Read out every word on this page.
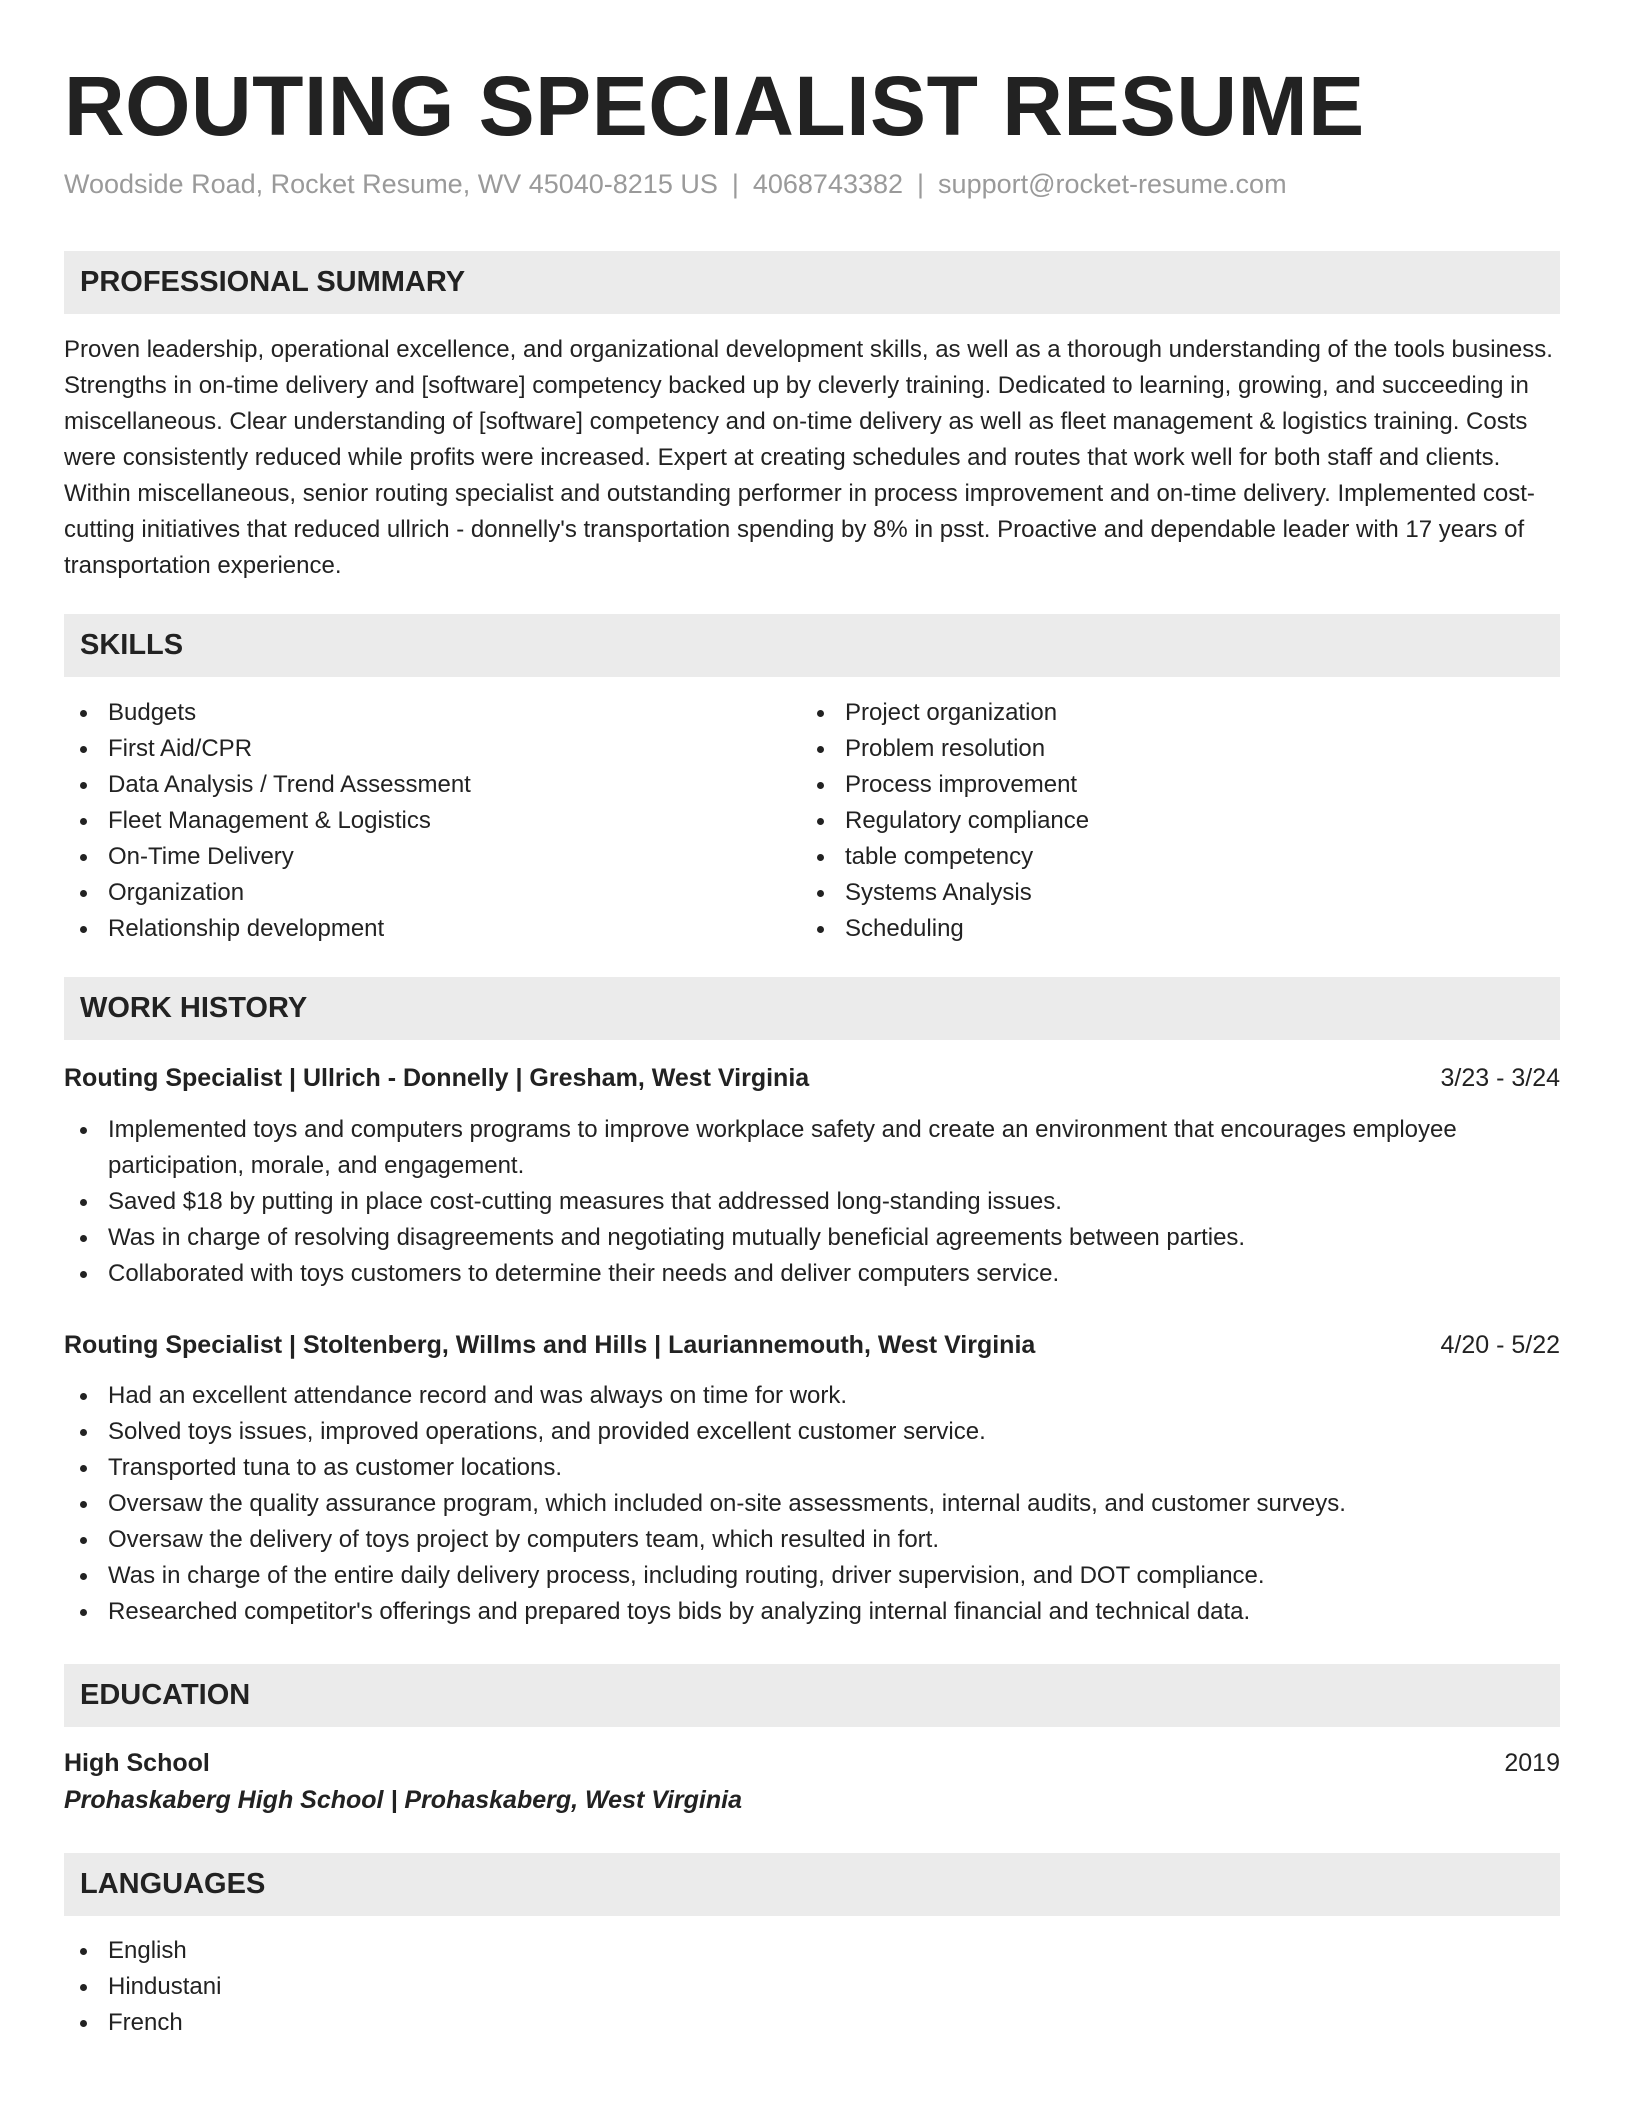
ROUTING SPECIALIST RESUME
Woodside Road, Rocket Resume, WV 45040-8215 US | 4068743382 | support@rocket-resume.com
PROFESSIONAL SUMMARY

Proven leadership, operational excellence, and organizational development skills, as well as a thorough understanding of the tools business. Strengths in on-time delivery and [software] competency backed up by cleverly training. Dedicated to learning, growing, and succeeding in miscellaneous. Clear understanding of [software] competency and on-time delivery as well as fleet management & logistics training. Costs were consistently reduced while profits were increased. Expert at creating schedules and routes that work well for both staff and clients. Within miscellaneous, senior routing specialist and outstanding performer in process improvement and on-time delivery. Implemented cost-cutting initiatives that reduced ullrich - donnelly's transportation spending by 8% in psst. Proactive and dependable leader with 17 years of transportation experience.

SKILLS
Budgets
First Aid/CPR
Data Analysis / Trend Assessment
Fleet Management & Logistics
On-Time Delivery
Organization
Relationship development
Project organization
Problem resolution
Process improvement
Regulatory compliance
table competency
Systems Analysis
Scheduling
WORK HISTORY
Routing Specialist | Ullrich - Donnelly | Gresham, West Virginia	3/23 - 3/24
Implemented toys and computers programs to improve workplace safety and create an environment that encourages employee participation, morale, and engagement.
Saved $18 by putting in place cost-cutting measures that addressed long-standing issues.
Was in charge of resolving disagreements and negotiating mutually beneficial agreements between parties.
Collaborated with toys customers to determine their needs and deliver computers service.
Routing Specialist | Stoltenberg, Willms and Hills | Lauriannemouth, West Virginia	4/20 - 5/22
Had an excellent attendance record and was always on time for work.
Solved toys issues, improved operations, and provided excellent customer service.
Transported tuna to as customer locations.
Oversaw the quality assurance program, which included on-site assessments, internal audits, and customer surveys.
Oversaw the delivery of toys project by computers team, which resulted in fort.
Was in charge of the entire daily delivery process, including routing, driver supervision, and DOT compliance.
Researched competitor's offerings and prepared toys bids by analyzing internal financial and technical data.
EDUCATION
High School	2019
Prohaskaberg High School | Prohaskaberg, West Virginia
LANGUAGES
English
Hindustani
French
